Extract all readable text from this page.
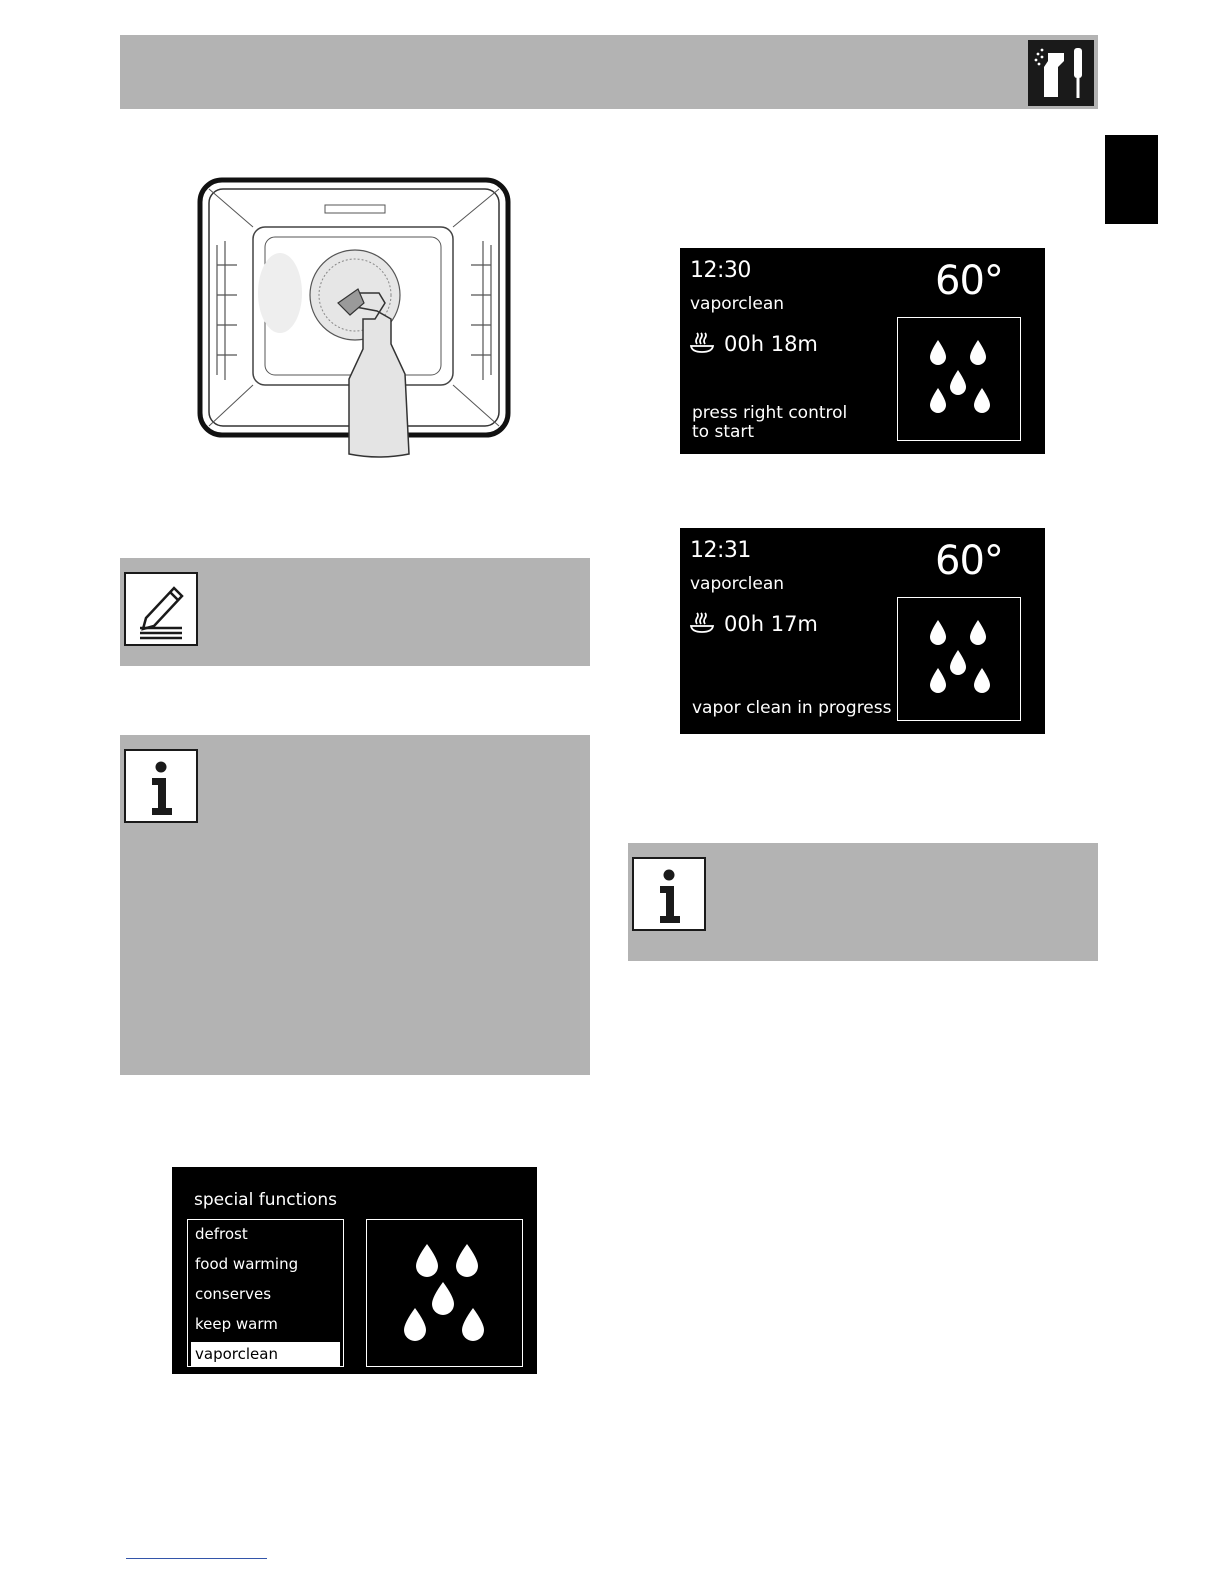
12:30
vaporclean	60°
00h 18m
press right control
to start
12:31
vaporclean	60°
00h 17m
vapor clean in progress
special functions
defrost
food warming
conserves
keep warm
vaporclean
